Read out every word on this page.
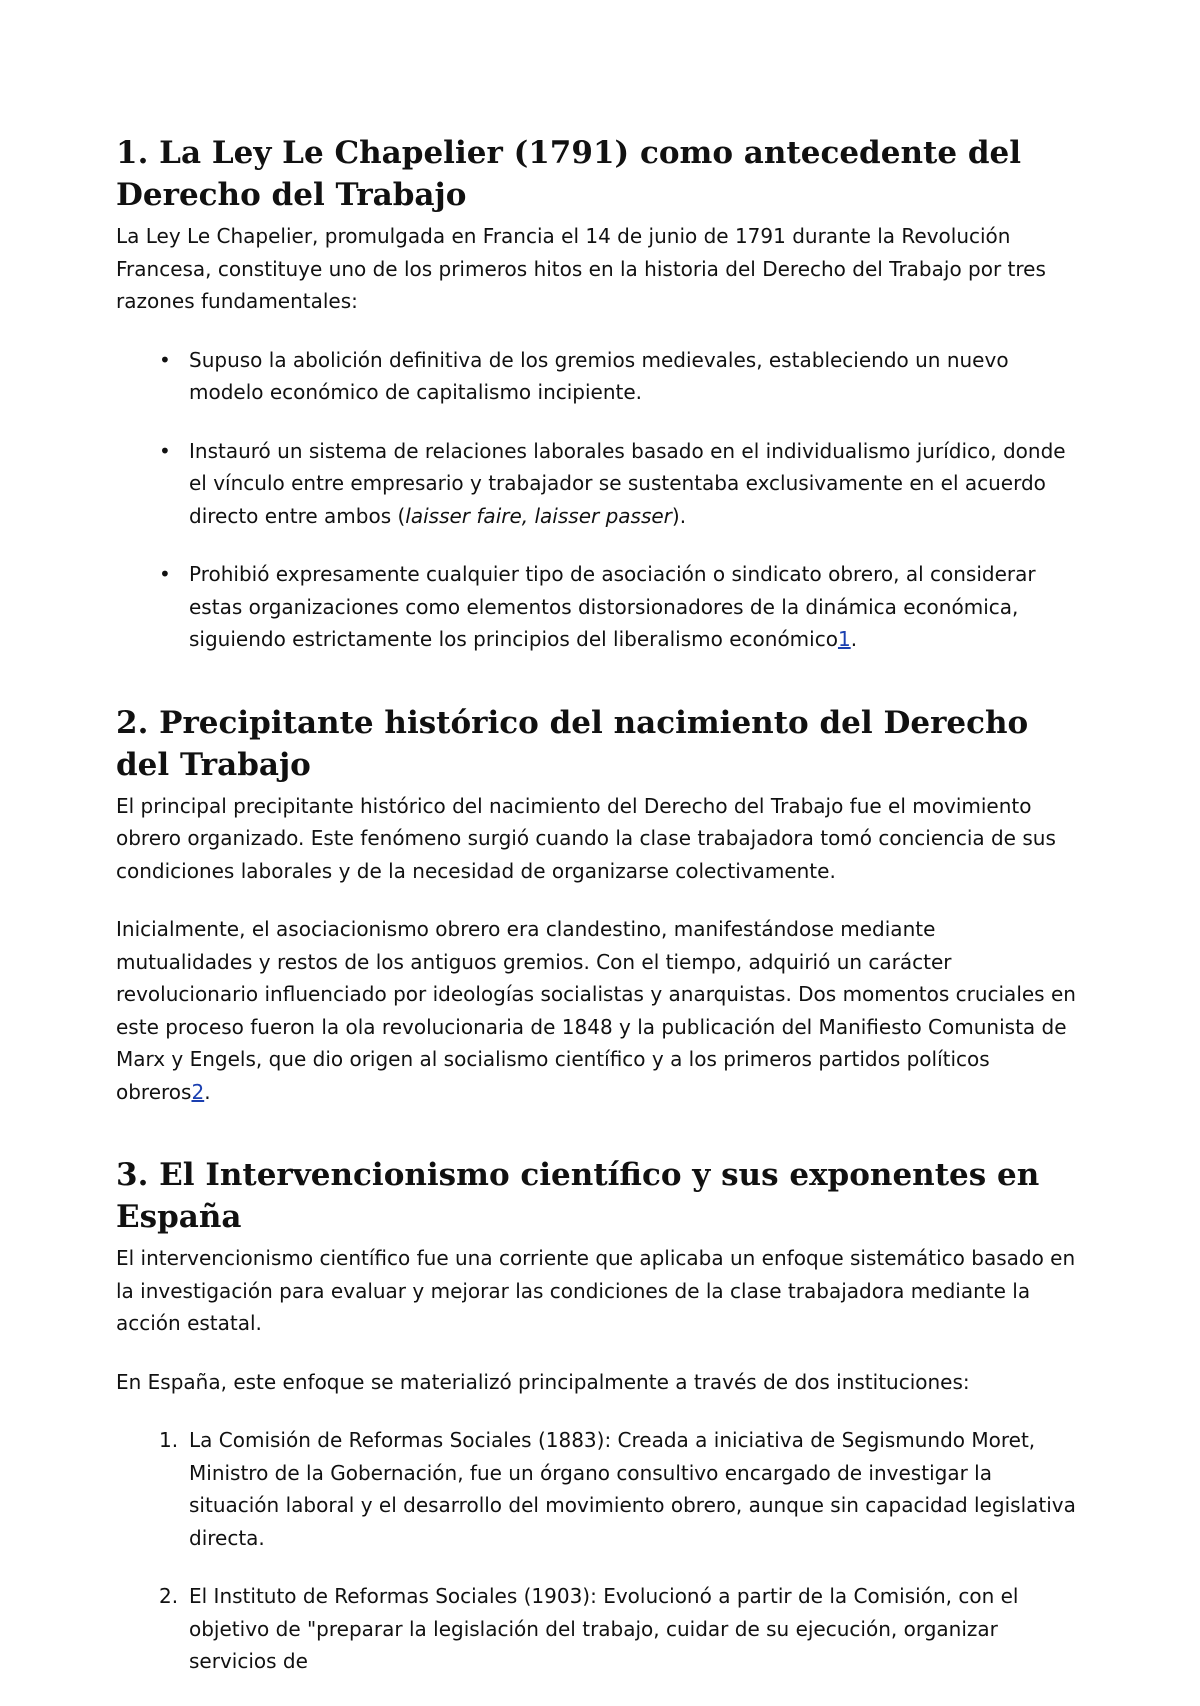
1. La Ley Le Chapelier (1791) como antecedente del Derecho del Trabajo

La Ley Le Chapelier, promulgada en Francia el 14 de junio de 1791 durante la Revolución Francesa, constituye uno de los primeros hitos en la historia del Derecho del Trabajo por tres razones fundamentales:

• Supuso la abolición definitiva de los gremios medievales, estableciendo un nuevo modelo económico de capitalismo incipiente.
• Instauró un sistema de relaciones laborales basado en el individualismo jurídico, donde el vínculo entre empresario y trabajador se sustentaba exclusivamente en el acuerdo directo entre ambos (laisser faire, laisser passer).
• Prohibió expresamente cualquier tipo de asociación o sindicato obrero, al considerar estas organizaciones como elementos distorsionadores de la dinámica económica, siguiendo estrictamente los principios del liberalismo económico1.
2. Precipitante histórico del nacimiento del Derecho del Trabajo

El principal precipitante histórico del nacimiento del Derecho del Trabajo fue el movimiento obrero organizado. Este fenómeno surgió cuando la clase trabajadora tomó conciencia de sus condiciones laborales y de la necesidad de organizarse colectivamente.

Inicialmente, el asociacionismo obrero era clandestino, manifestándose mediante mutualidades y restos de los antiguos gremios. Con el tiempo, adquirió un carácter revolucionario influenciado por ideologías socialistas y anarquistas. Dos momentos cruciales en este proceso fueron la ola revolucionaria de 1848 y la publicación del Manifiesto Comunista de Marx y Engels, que dio origen al socialismo científico y a los primeros partidos políticos obreros2.

3. El Intervencionismo científico y sus exponentes en España

El intervencionismo científico fue una corriente que aplicaba un enfoque sistemático basado en la investigación para evaluar y mejorar las condiciones de la clase trabajadora mediante la acción estatal.

En España, este enfoque se materializó principalmente a través de dos instituciones:

1. La Comisión de Reformas Sociales (1883): Creada a iniciativa de Segismundo Moret, Ministro de la Gobernación, fue un órgano consultivo encargado de investigar la situación laboral y el desarrollo del movimiento obrero, aunque sin capacidad legislativa directa.
2. El Instituto de Reformas Sociales (1903): Evolucionó a partir de la Comisión, con el objetivo de "preparar la legislación del trabajo, cuidar de su ejecución, organizar servicios de
